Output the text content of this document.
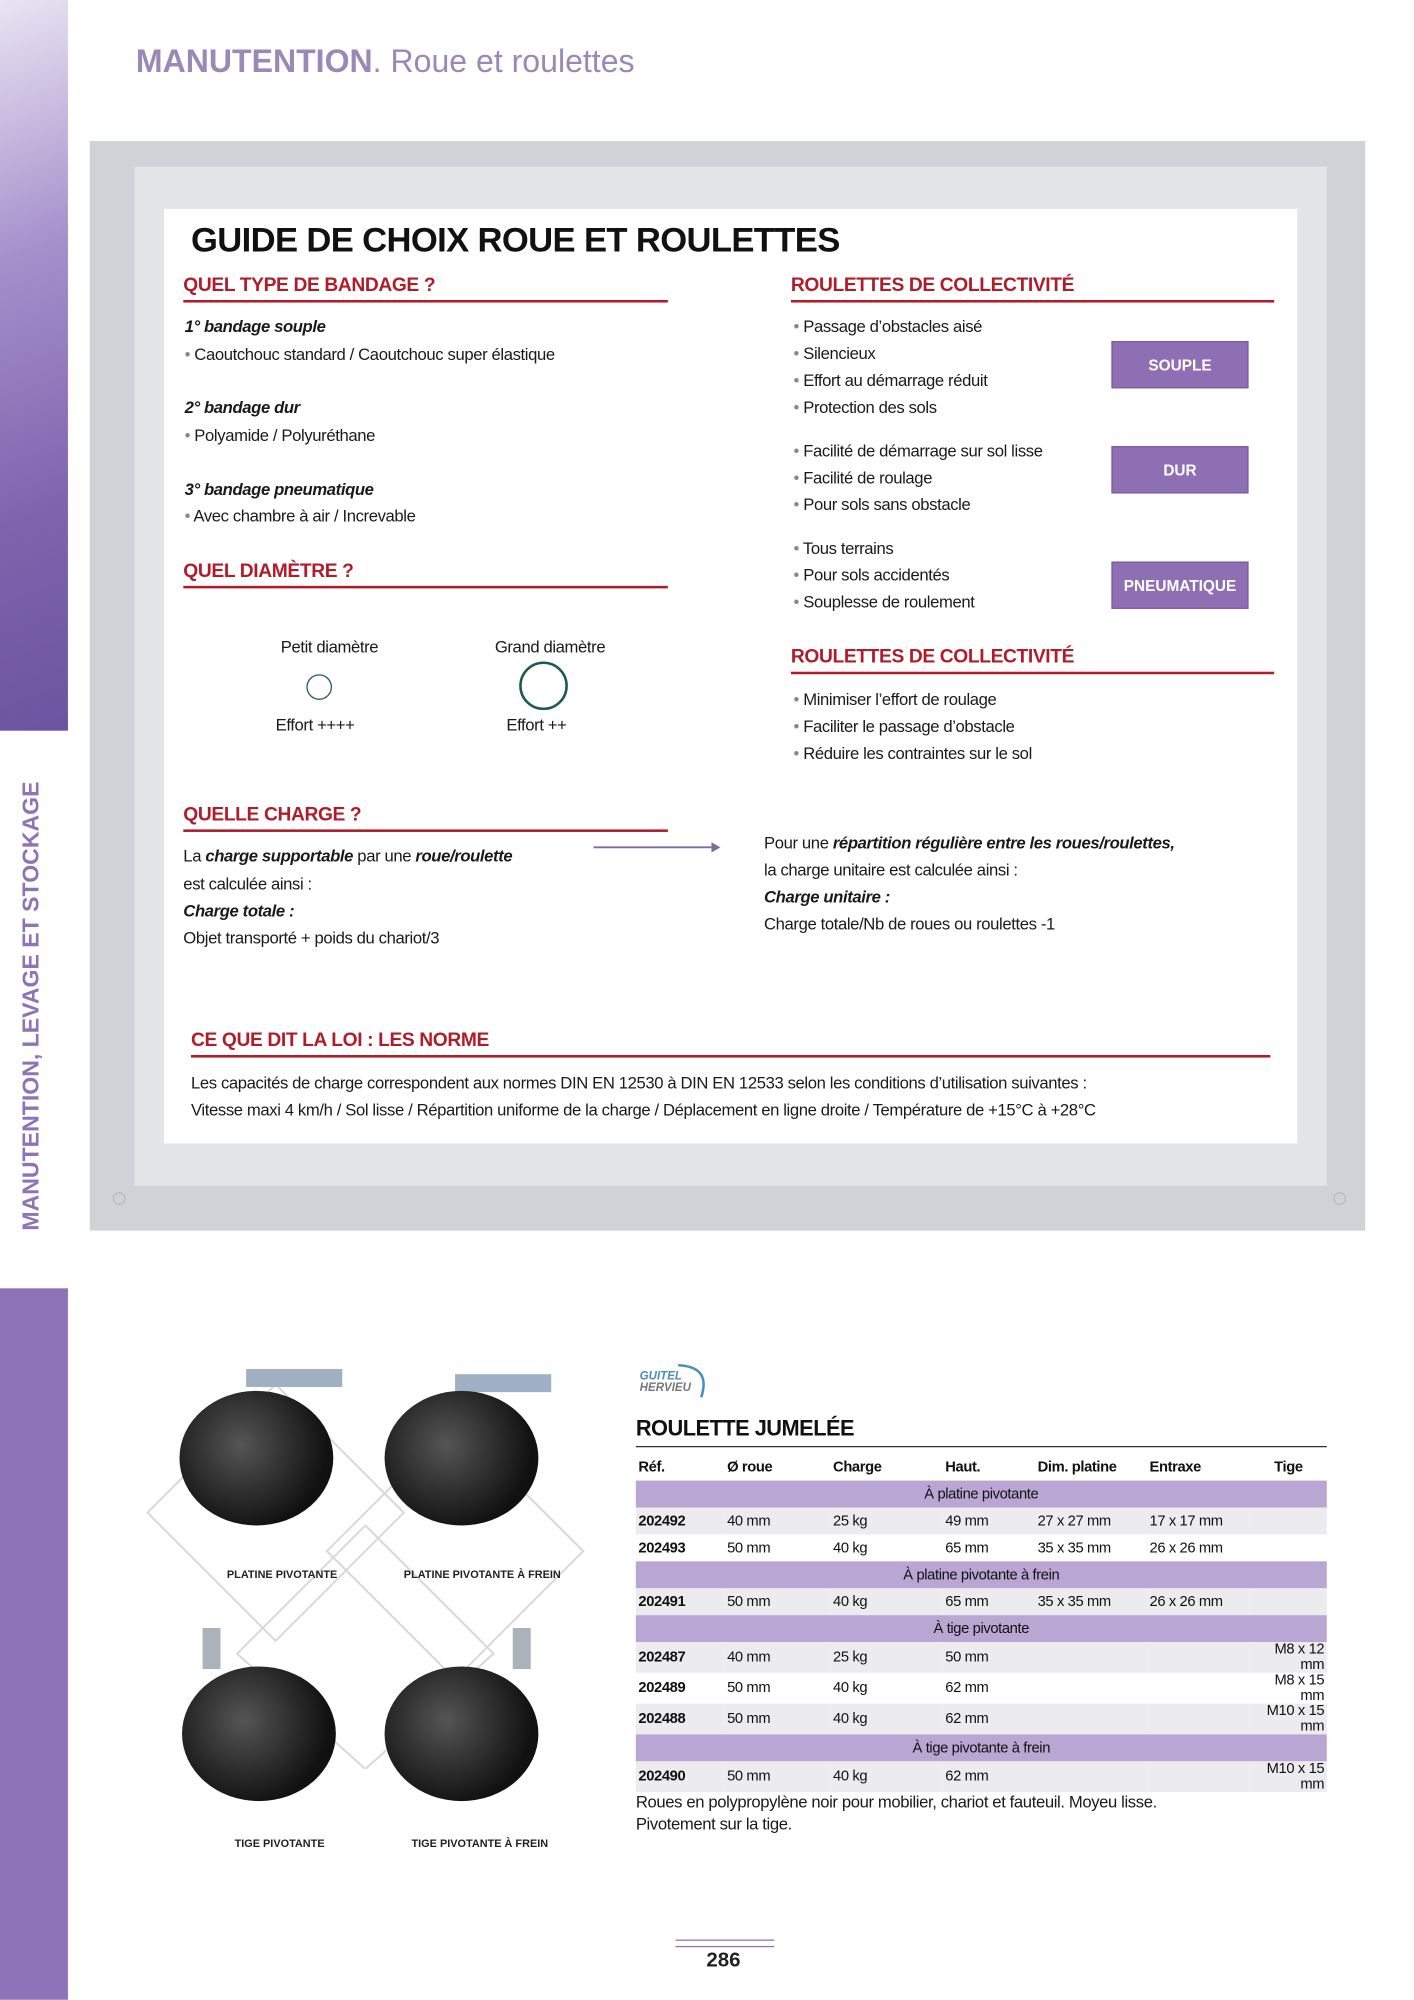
MANUTENTION, LEVAGE ET STOCKAGE
MANUTENTION. Roue et roulettes
GUIDE DE CHOIX ROUE ET ROULETTES
QUEL TYPE DE BANDAGE ?
1° bandage souple
• Caoutchouc standard / Caoutchouc super élastique
2° bandage dur
• Polyamide / Polyuréthane
3° bandage pneumatique
• Avec chambre à air / Increvable
QUEL DIAMÈTRE ?
Petit diamètre
Effort ++++
Grand diamètre
Effort ++
ROULETTES DE COLLECTIVITÉ
• Passage d’obstacles aisé
• Silencieux
• Effort au démarrage réduit
• Protection des sols
SOUPLE
• Facilité de démarrage sur sol lisse
• Facilité de roulage
• Pour sols sans obstacle
DUR
• Tous terrains
• Pour sols accidentés
• Souplesse de roulement
PNEUMATIQUE
ROULETTES DE COLLECTIVITÉ
• Minimiser l’effort de roulage
• Faciliter le passage d’obstacle
• Réduire les contraintes sur le sol
QUELLE CHARGE ?
La charge supportable par une roue/roulette
est calculée ainsi :
Charge totale :
Objet transporté + poids du chariot/3
Pour une répartition régulière entre les roues/roulettes,
la charge unitaire est calculée ainsi :
Charge unitaire :
Charge totale/Nb de roues ou roulettes -1
CE QUE DIT LA LOI : LES NORME
Les capacités de charge correspondent aux normes DIN EN 12530 à DIN EN 12533 selon les conditions d’utilisation suivantes :
Vitesse maxi 4 km/h / Sol lisse / Répartition uniforme de la charge / Déplacement en ligne droite / Température de +15°C à +28°C
PLATINE PIVOTANTE	PLATINE PIVOTANTE À FREIN
TIGE PIVOTANTE	TIGE PIVOTANTE À FREIN
GUITEL
HERVIEU
ROULETTE JUMELÉE
Réf.	Ø roue	Charge	Haut.	Dim. platine	Entraxe	Tige
À platine pivotante						
202492	40 mm	25 kg	49 mm	27 x 27 mm	17 x 17 mm	
202493	50 mm	40 kg	65 mm	35 x 35 mm	26 x 26 mm	
À platine pivotante à frein						
202491	50 mm	40 kg	65 mm	35 x 35 mm	26 x 26 mm	
À tige pivotante						
202487	40 mm	25 kg	50 mm			M8 x 12 mm
202489	50 mm	40 kg	62 mm			M8 x 15 mm
202488	50 mm	40 kg	62 mm			M10 x 15 mm
À tige pivotante à frein						
202490	50 mm	40 kg	62 mm			M10 x 15 mm
Roues en polypropylène noir pour mobilier, chariot et fauteuil. Moyeu lisse.
Pivotement sur la tige.
286
